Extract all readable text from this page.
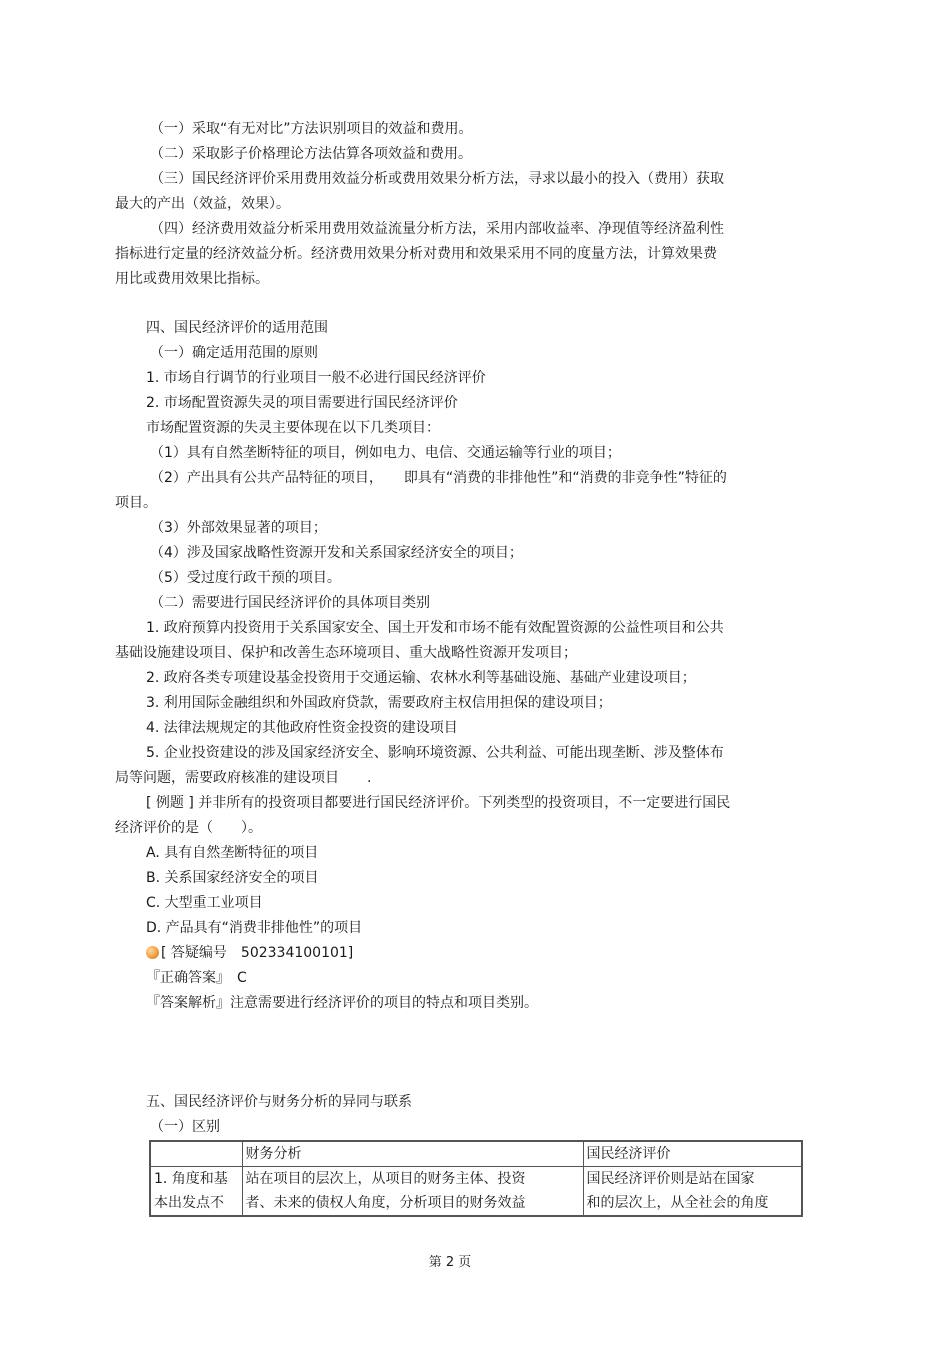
（一）采取“有无对比”方法识别项目的效益和费用。
（二）采取影子价格理论方法估算各项效益和费用。
（三）国民经济评价采用费用效益分析或费用效果分析方法，寻求以最小的投入（费用）获取
最大的产出（效益，效果）。
（四）经济费用效益分析采用费用效益流量分析方法，采用内部收益率、净现值等经济盈利性
指标进行定量的经济效益分析。经济费用效果分析对费用和效果采用不同的度量方法，计算效果费
用比或费用效果比指标。
四、国民经济评价的适用范围
（一）确定适用范围的原则
1. 市场自行调节的行业项目一般不必进行国民经济评价
2. 市场配置资源失灵的项目需要进行国民经济评价
市场配置资源的失灵主要体现在以下几类项目：
（1）具有自然垄断特征的项目，例如电力、电信、交通运输等行业的项目；
（2）产出具有公共产品特征的项目，　　即具有“消费的非排他性”和“消费的非竞争性”特征的
项目。
（3）外部效果显著的项目；
（4）涉及国家战略性资源开发和关系国家经济安全的项目；
（5）受过度行政干预的项目。
（二）需要进行国民经济评价的具体项目类别
1. 政府预算内投资用于关系国家安全、国土开发和市场不能有效配置资源的公益性项目和公共
基础设施建设项目、保护和改善生态环境项目、重大战略性资源开发项目；
2. 政府各类专项建设基金投资用于交通运输、农林水利等基础设施、基础产业建设项目；
3. 利用国际金融组织和外国政府贷款，需要政府主权信用担保的建设项目；
4. 法律法规规定的其他政府性资金投资的建设项目
5. 企业投资建设的涉及国家经济安全、影响环境资源、公共利益、可能出现垄断、涉及整体布
局等问题，需要政府核准的建设项目　　.
[ 例题 ] 并非所有的投资项目都要进行国民经济评价。下列类型的投资项目，不一定要进行国民
经济评价的是（　　）。
A. 具有自然垄断特征的项目
B. 关系国家经济安全的项目
C. 大型重工业项目
D. 产品具有“消费非排他性”的项目
『正确答案』　C
『答案解析』注意需要进行经济评价的项目的特点和项目类别。
五、国民经济评价与财务分析的异同与联系
（一）区别
[ 答疑编号　502334100101]
	财务分析	国民经济评价

1. 角度和基
本出发点不	站在项目的层次上，从项目的财务主体、投资
者、未来的债权人角度，分析项目的财务效益	国民经济评价则是站在国家
和的层次上，从全社会的角度
第 2 页
